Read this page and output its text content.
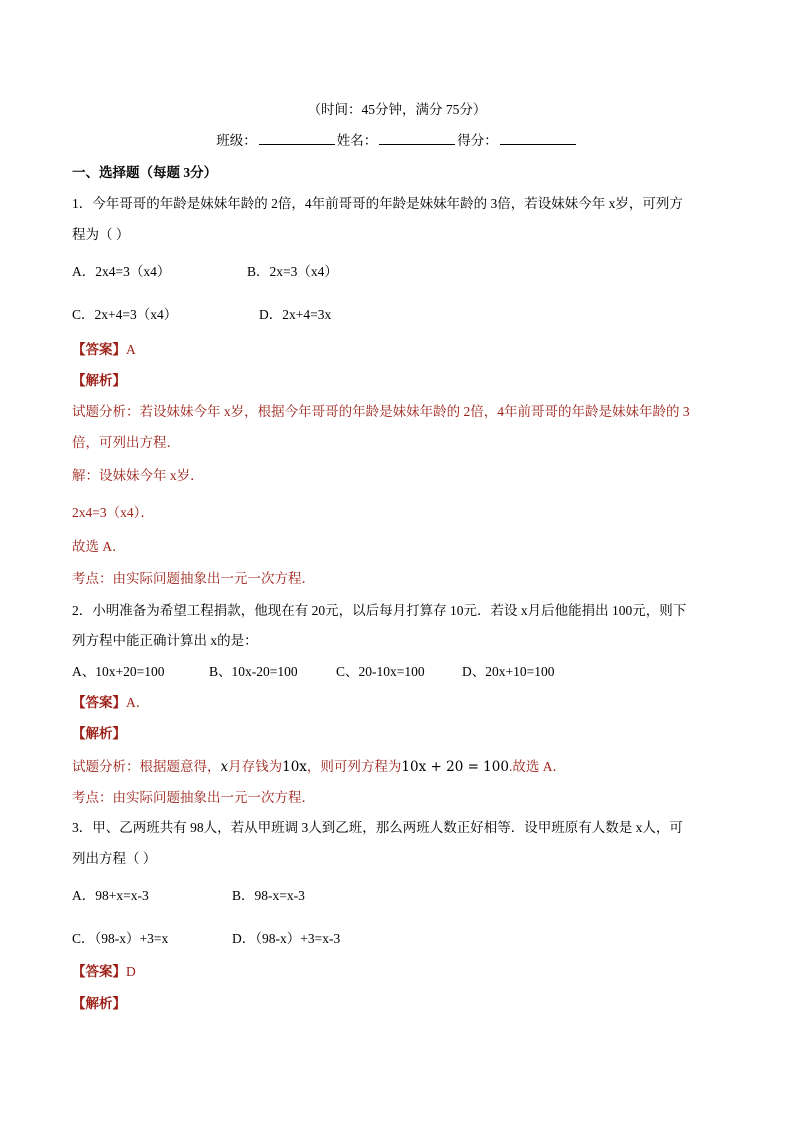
（时间：45分钟，满分 75分）
班级：	姓名：	得分：
一、选择题（每题 3分）
1．今年哥哥的年龄是妹妹年龄的 2倍，4年前哥哥的年龄是妹妹年龄的 3倍，若设妹妹今年 x岁，可列方
程为（ ）
A．2x4=3（x4）	B．2x=3（x4）
C．2x+4=3（x4）	D．2x+4=3x
【答案】A
【解析】
试题分析：若设妹妹今年 x岁，根据今年哥哥的年龄是妹妹年龄的 2倍，4年前哥哥的年龄是妹妹年龄的 3
倍，可列出方程．
解：设妹妹今年 x岁．
2x4=3（x4）．
故选 A．
考点：由实际问题抽象出一元一次方程．
2．小明准备为希望工程捐款，他现在有 20元，以后每月打算存 10元．若设 x月后他能捐出 100元，则下
列方程中能正确计算出 x的是：
A、10x+20=100	B、10x-20=100	C、20-10x=100	D、20x+10=100
【答案】A．
【解析】
试题分析：根据题意得，x月存钱为10x，则可列方程为10x + 20 = 100.故选 A．
考点：由实际问题抽象出一元一次方程．
3．甲、乙两班共有 98人，若从甲班调 3人到乙班，那么两班人数正好相等．设甲班原有人数是 x人，可
列出方程（ ）
A．98+x=x-3	B．98-x=x-3
C．（98-x）+3=x	D．（98-x）+3=x-3
【答案】D
【解析】
